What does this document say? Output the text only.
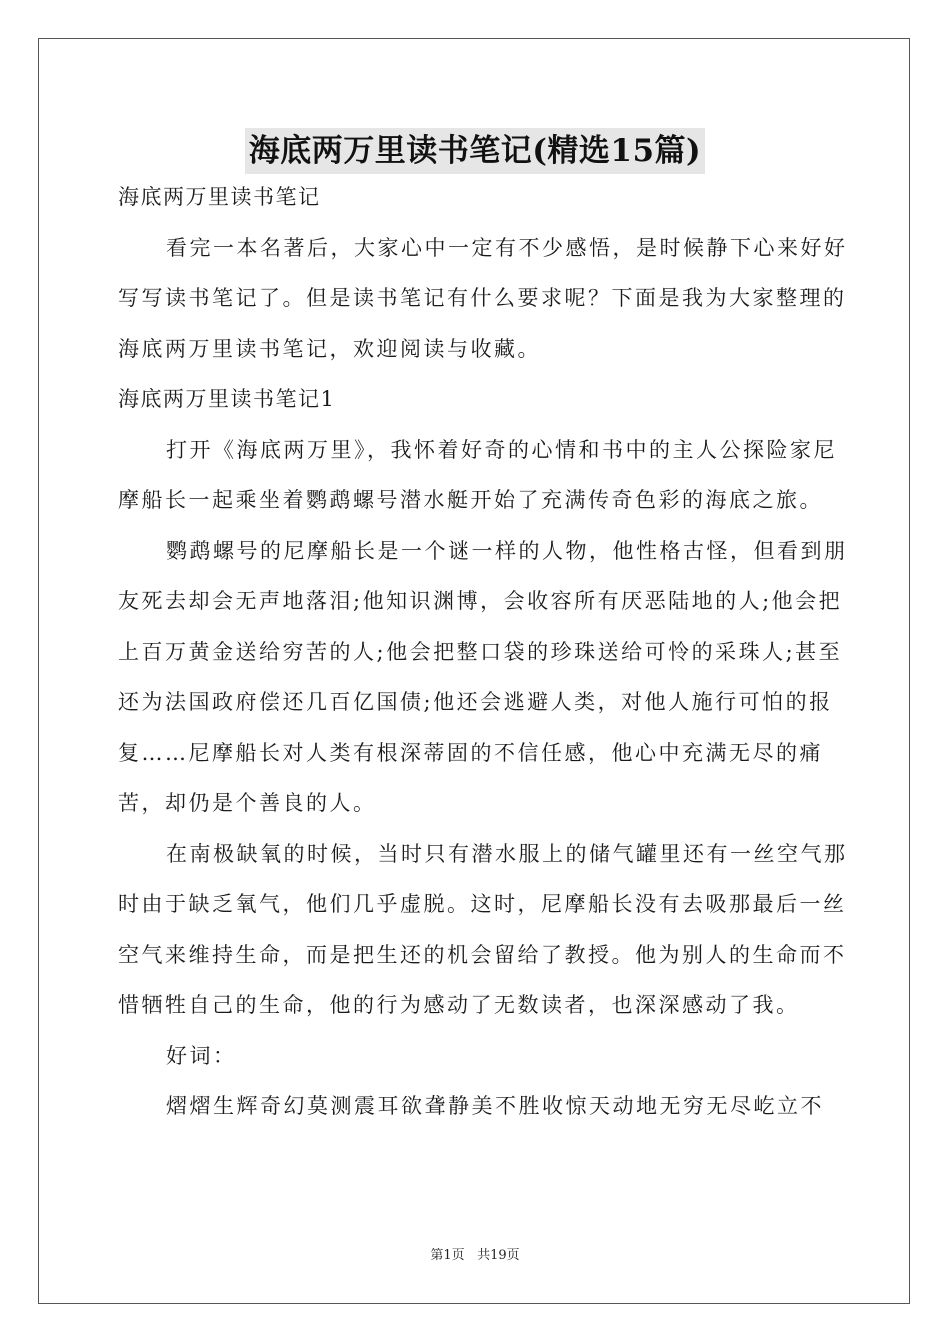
海底两万里读书笔记(精选15篇)

海底两万里读书笔记

看完一本名著后，大家心中一定有不少感悟，是时候静下心来好好写写读书笔记了。但是读书笔记有什么要求呢？下面是我为大家整理的海底两万里读书笔记，欢迎阅读与收藏。

海底两万里读书笔记1

打开《海底两万里》，我怀着好奇的心情和书中的主人公探险家尼摩船长一起乘坐着鹦鹉螺号潜水艇开始了充满传奇色彩的海底之旅。

鹦鹉螺号的尼摩船长是一个谜一样的人物，他性格古怪，但看到朋友死去却会无声地落泪;他知识渊博，会收容所有厌恶陆地的人;他会把上百万黄金送给穷苦的人;他会把整口袋的珍珠送给可怜的采珠人;甚至还为法国政府偿还几百亿国债;他还会逃避人类，对他人施行可怕的报复……尼摩船长对人类有根深蒂固的不信任感，他心中充满无尽的痛苦，却仍是个善良的人。

在南极缺氧的时候，当时只有潜水服上的储气罐里还有一丝空气那时由于缺乏氧气，他们几乎虚脱。这时，尼摩船长没有去吸那最后一丝空气来维持生命，而是把生还的机会留给了教授。他为别人的生命而不惜牺牲自己的生命，他的行为感动了无数读者，也深深感动了我。

好词：

熠熠生辉奇幻莫测震耳欲聋静美不胜收惊天动地无穷无尽屹立不

第1页 共19页
